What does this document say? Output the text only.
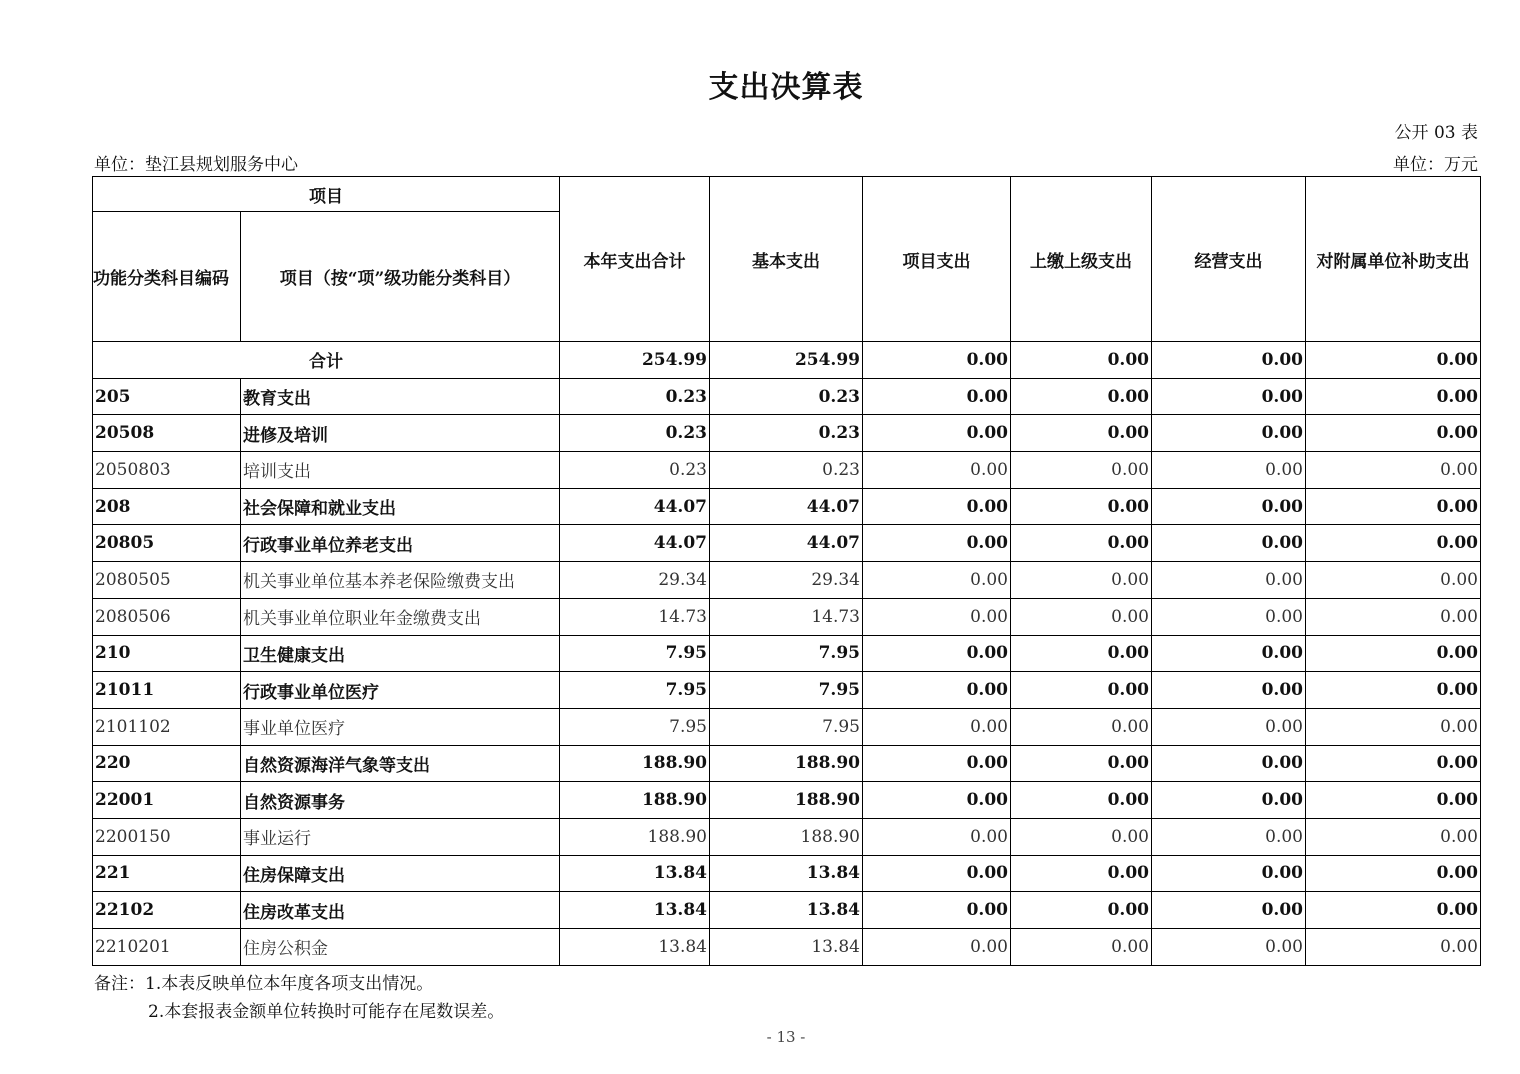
支出决算表
公开 03 表
单位：垫江县规划服务中心	单位：万元
项目		本年支出合计	基本支出	项目支出	上缴上级支出	经营支出	对附属单位补助支出
功能分类科目编码	项目（按“项”级功能分类科目）						
合计		254.99	254.99	0.00	0.00	0.00	0.00
205	教育支出	0.23	0.23	0.00	0.00	0.00	0.00
20508	进修及培训	0.23	0.23	0.00	0.00	0.00	0.00
2050803	培训支出	0.23	0.23	0.00	0.00	0.00	0.00
208	社会保障和就业支出	44.07	44.07	0.00	0.00	0.00	0.00
20805	行政事业单位养老支出	44.07	44.07	0.00	0.00	0.00	0.00
2080505	机关事业单位基本养老保险缴费支出	29.34	29.34	0.00	0.00	0.00	0.00
2080506	机关事业单位职业年金缴费支出	14.73	14.73	0.00	0.00	0.00	0.00
210	卫生健康支出	7.95	7.95	0.00	0.00	0.00	0.00
21011	行政事业单位医疗	7.95	7.95	0.00	0.00	0.00	0.00
2101102	事业单位医疗	7.95	7.95	0.00	0.00	0.00	0.00
220	自然资源海洋气象等支出	188.90	188.90	0.00	0.00	0.00	0.00
22001	自然资源事务	188.90	188.90	0.00	0.00	0.00	0.00
2200150	事业运行	188.90	188.90	0.00	0.00	0.00	0.00
221	住房保障支出	13.84	13.84	0.00	0.00	0.00	0.00
22102	住房改革支出	13.84	13.84	0.00	0.00	0.00	0.00
2210201	住房公积金	13.84	13.84	0.00	0.00	0.00	0.00
备注：1.本表反映单位本年度各项支出情况。
2.本套报表金额单位转换时可能存在尾数误差。
- 13 -
